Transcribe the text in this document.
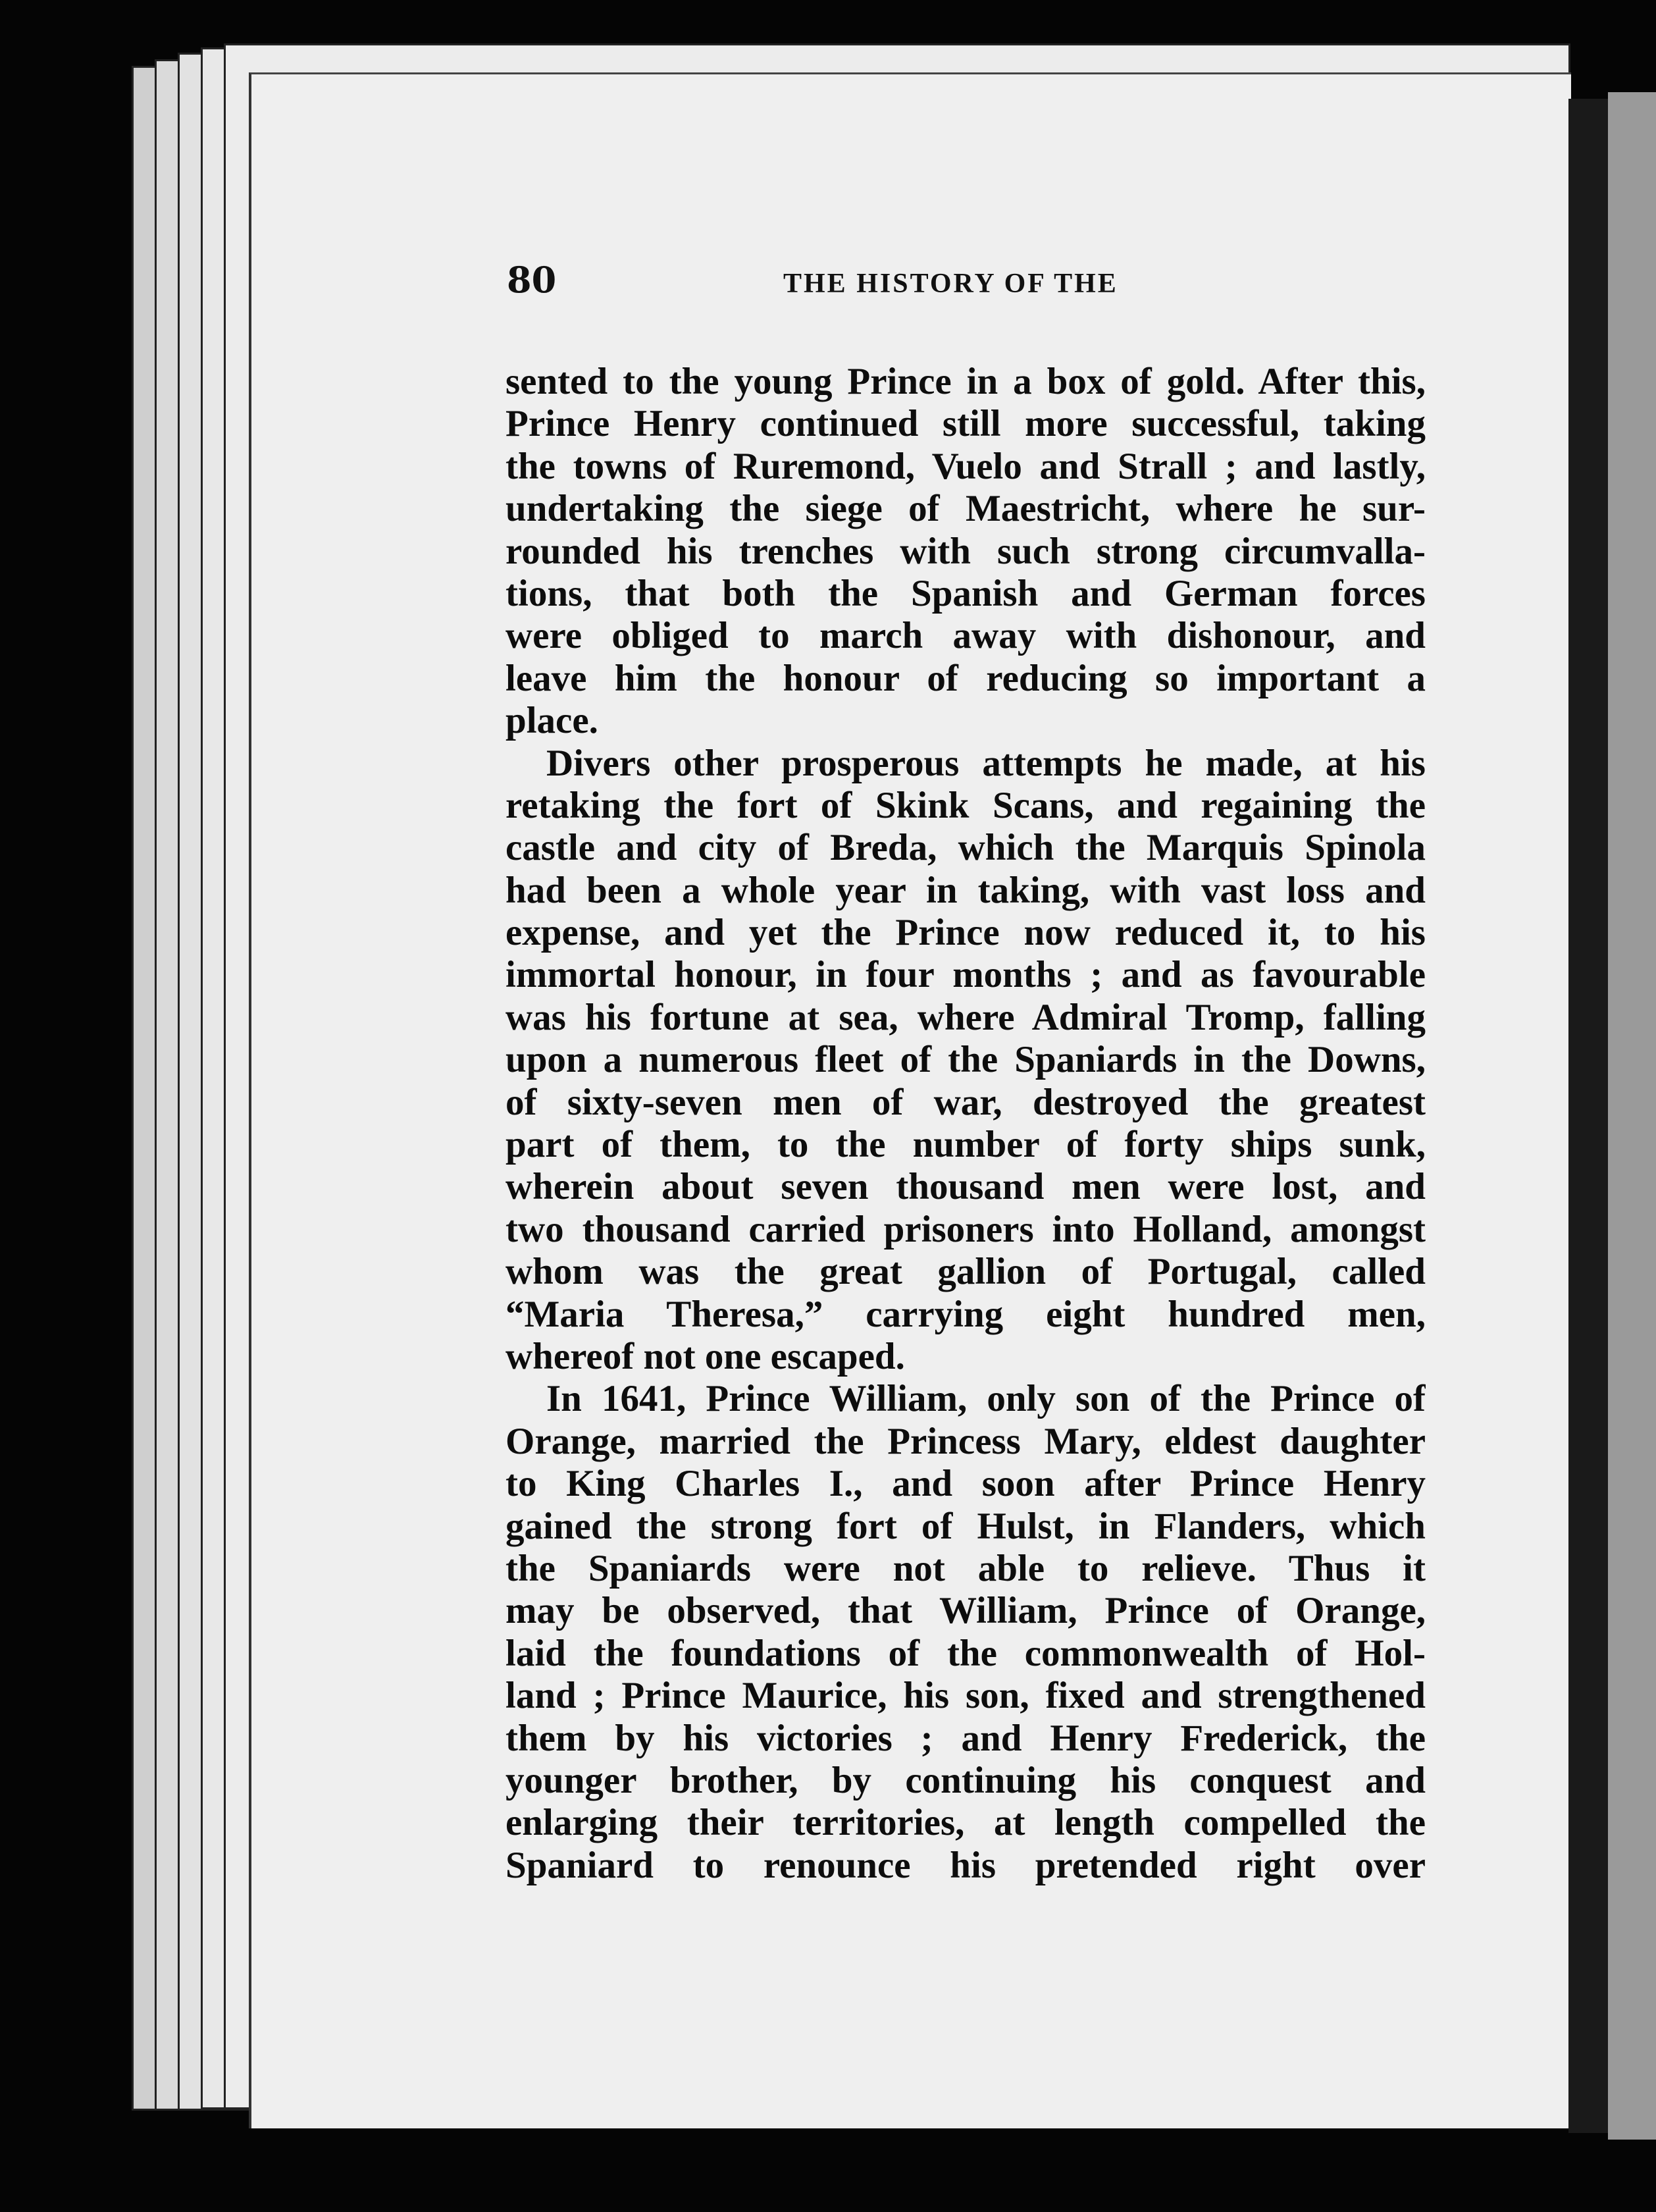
80	THE HISTORY OF THE
sented to the young Prince in a box of gold. After this,
Prince Henry continued still more successful, taking
the towns of Ruremond, Vuelo and Strall ; and lastly,
undertaking the siege of Maestricht, where he sur-
rounded his trenches with such strong circumvalla-
tions, that both the Spanish and German forces
were obliged to march away with dishonour, and
leave him the honour of reducing so important a
place.
Divers other prosperous attempts he made, at his
retaking the fort of Skink Scans, and regaining the
castle and city of Breda, which the Marquis Spinola
had been a whole year in taking, with vast loss and
expense, and yet the Prince now reduced it, to his
immortal honour, in four months ; and as favourable
was his fortune at sea, where Admiral Tromp, falling
upon a numerous fleet of the Spaniards in the Downs,
of sixty-seven men of war, destroyed the greatest
part of them, to the number of forty ships sunk,
wherein about seven thousand men were lost, and
two thousand carried prisoners into Holland, amongst
whom was the great gallion of Portugal, called
“Maria Theresa,” carrying eight hundred men,
whereof not one escaped.
In 1641, Prince William, only son of the Prince of
Orange, married the Princess Mary, eldest daughter
to King Charles I., and soon after Prince Henry
gained the strong fort of Hulst, in Flanders, which
the Spaniards were not able to relieve. Thus it
may be observed, that William, Prince of Orange,
laid the foundations of the commonwealth of Hol-
land ; Prince Maurice, his son, fixed and strengthened
them by his victories ; and Henry Frederick, the
younger brother, by continuing his conquest and
enlarging their territories, at length compelled the
Spaniard to renounce his pretended right over
